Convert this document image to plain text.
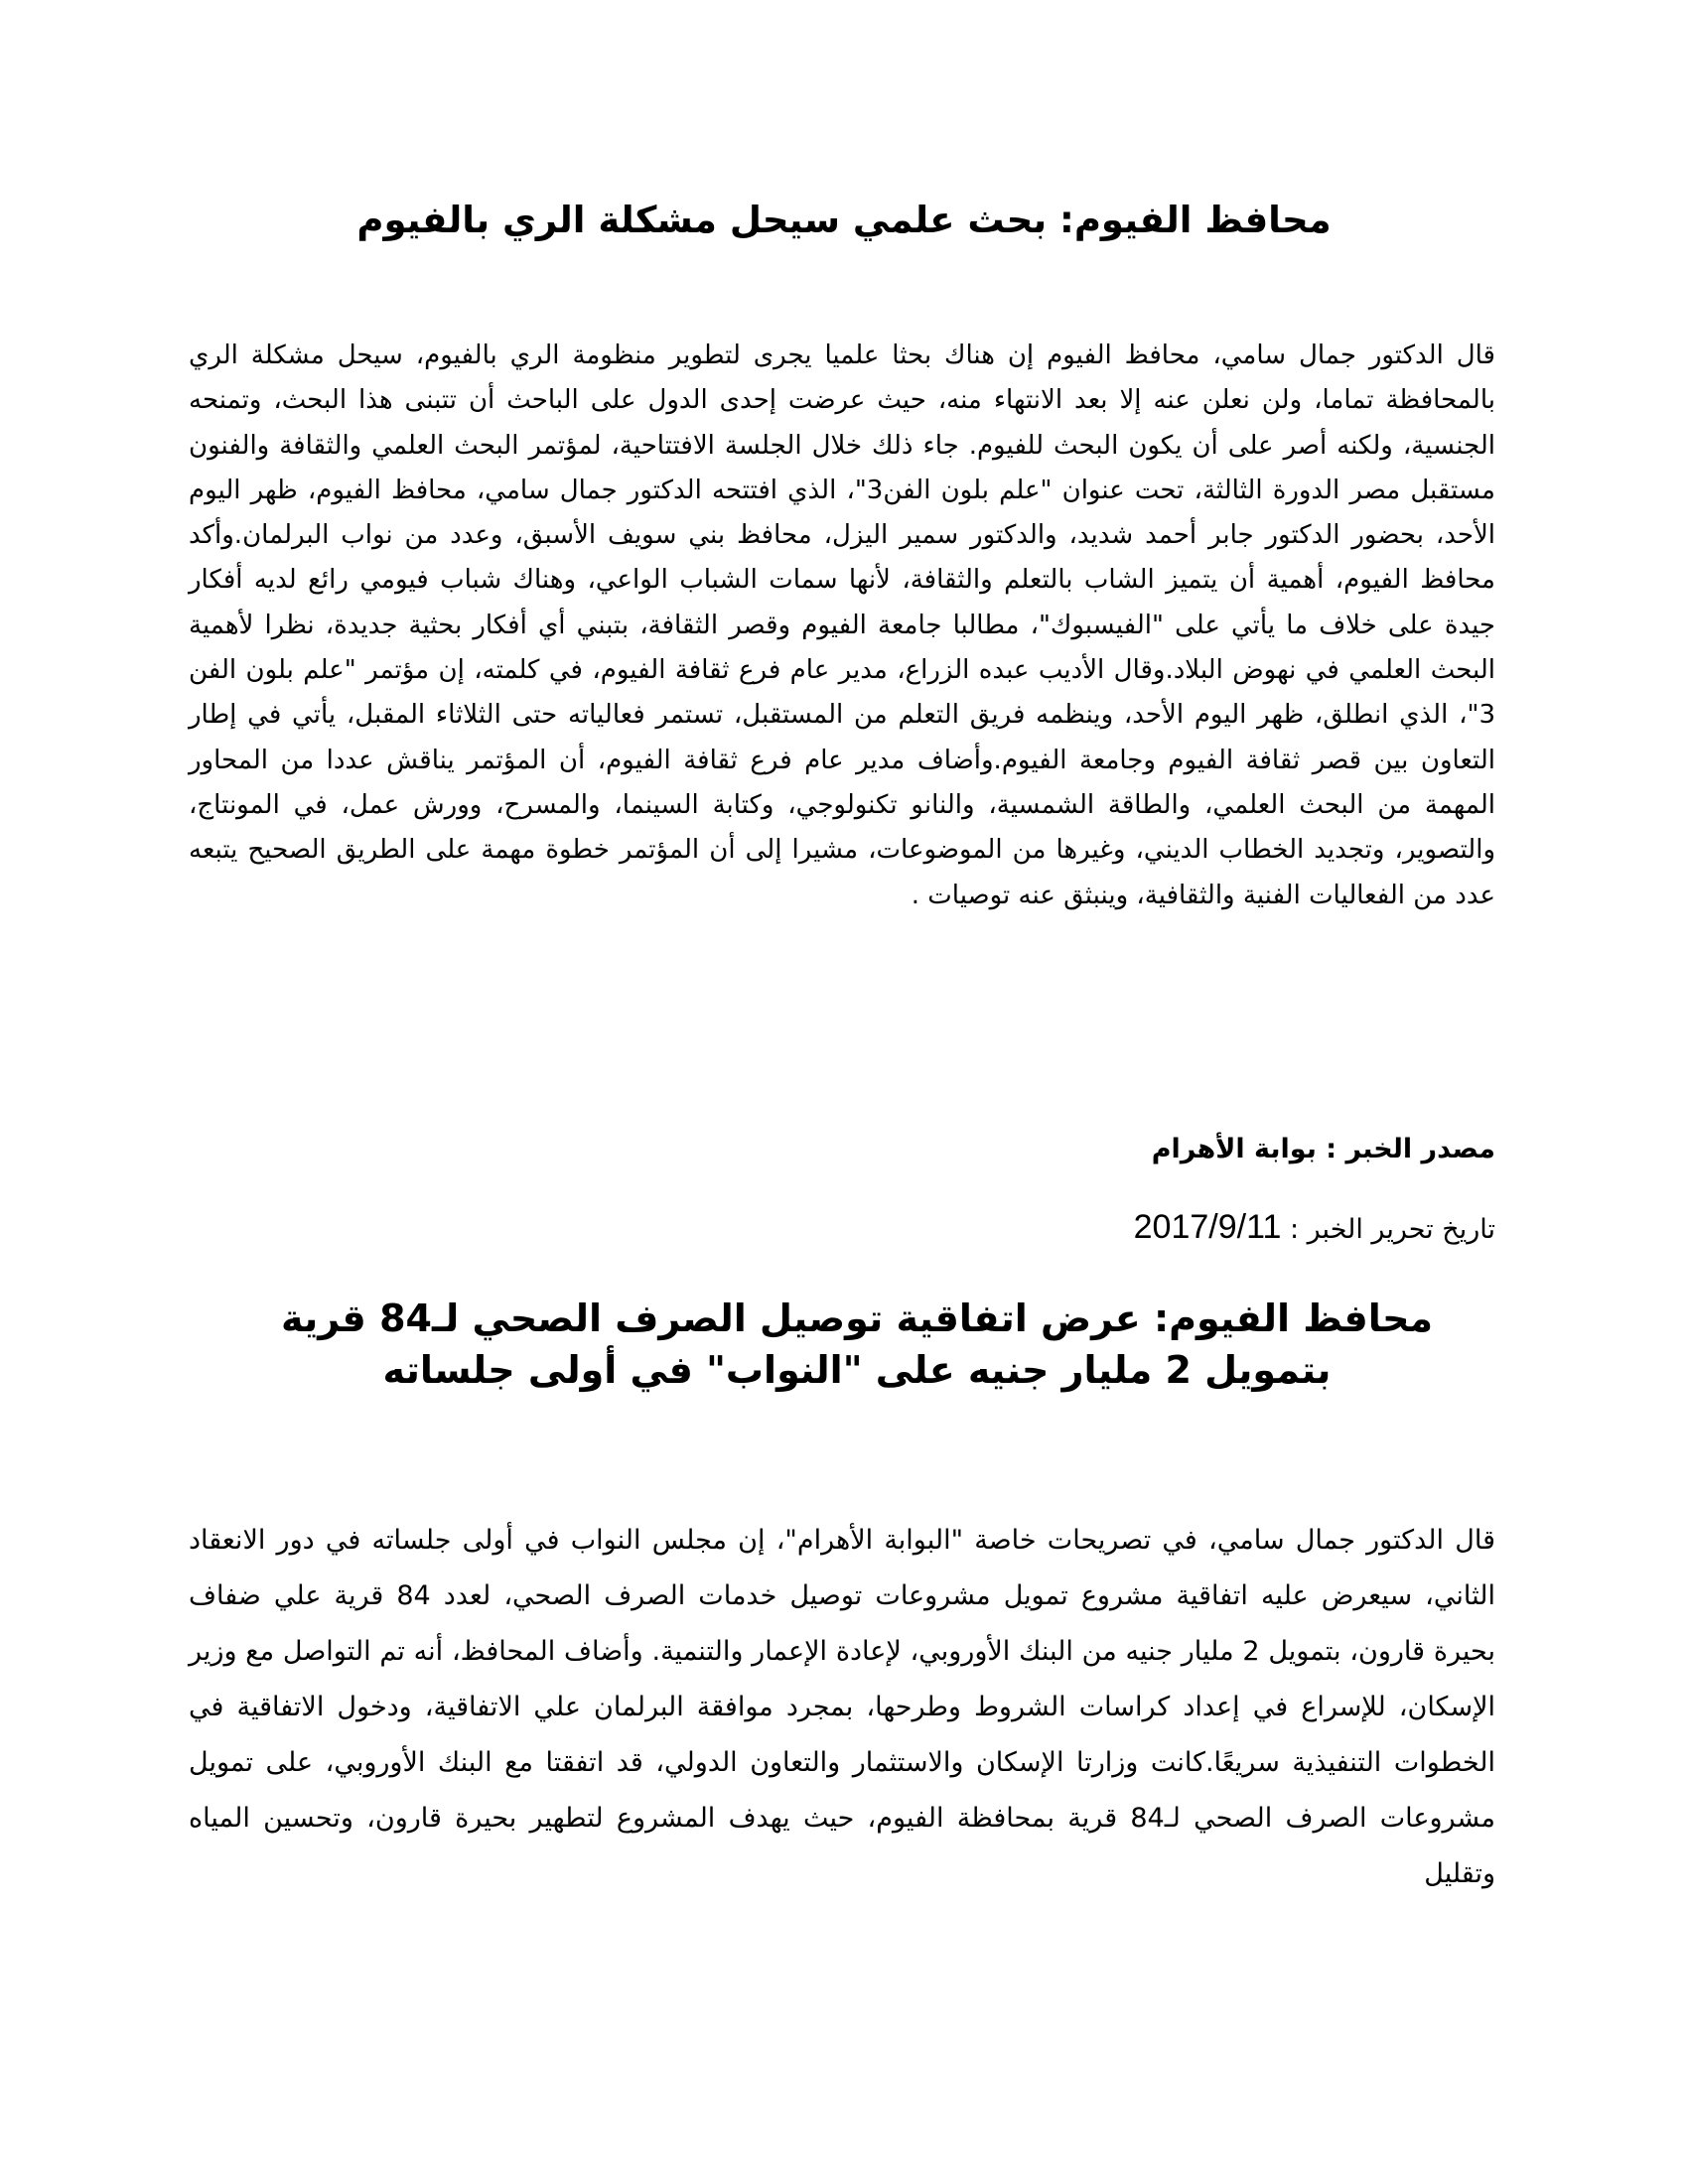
محافظ الفيوم: بحث علمي سيحل مشكلة الري بالفيوم

قال الدكتور جمال سامي، محافظ الفيوم إن هناك بحثا علميا يجرى لتطوير منظومة الري بالفيوم، سيحل مشكلة الري بالمحافظة تماما، ولن نعلن عنه إلا بعد الانتهاء منه، حيث عرضت إحدى الدول على الباحث أن تتبنى هذا البحث، وتمنحه الجنسية، ولكنه أصر على أن يكون البحث للفيوم. جاء ذلك خلال الجلسة الافتتاحية، لمؤتمر البحث العلمي والثقافة والفنون مستقبل مصر الدورة الثالثة، تحت عنوان "علم بلون الفن3"، الذي افتتحه الدكتور جمال سامي، محافظ الفيوم، ظهر اليوم الأحد، بحضور الدكتور جابر أحمد شديد، والدكتور سمير اليزل، محافظ بني سويف الأسبق، وعدد من نواب البرلمان.وأكد محافظ الفيوم، أهمية أن يتميز الشاب بالتعلم والثقافة، لأنها سمات الشباب الواعي، وهناك شباب فيومي رائع لديه أفكار جيدة على خلاف ما يأتي على "الفيسبوك"، مطالبا جامعة الفيوم وقصر الثقافة، بتبني أي أفكار بحثية جديدة، نظرا لأهمية البحث العلمي في نهوض البلاد.وقال الأديب عبده الزراع، مدير عام فرع ثقافة الفيوم، في كلمته، إن مؤتمر "علم بلون الفن 3"، الذي انطلق، ظهر اليوم الأحد، وينظمه فريق التعلم من المستقبل، تستمر فعالياته حتى الثلاثاء المقبل، يأتي في إطار التعاون بين قصر ثقافة الفيوم وجامعة الفيوم.وأضاف مدير عام فرع ثقافة الفيوم، أن المؤتمر يناقش عددا من المحاور المهمة من البحث العلمي، والطاقة الشمسية، والنانو تكنولوجي، وكتابة السينما، والمسرح، وورش عمل، في المونتاج، والتصوير، وتجديد الخطاب الديني، وغيرها من الموضوعات، مشيرا إلى أن المؤتمر خطوة مهمة على الطريق الصحيح يتبعه عدد من الفعاليات الفنية والثقافية، وينبثق عنه توصيات .

مصدر الخبر : بوابة الأهرام
تاريخ تحرير الخبر : 2017/9/11
محافظ الفيوم: عرض اتفاقية توصيل الصرف الصحي لـ84 قرية بتمويل 2 مليار جنيه على "النواب" في أولى جلساته

قال الدكتور جمال سامي، في تصريحات خاصة "البوابة الأهرام"، إن مجلس النواب في أولى جلساته في دور الانعقاد الثاني، سيعرض عليه اتفاقية مشروع تمويل مشروعات توصيل خدمات الصرف الصحي، لعدد 84 قرية علي ضفاف بحيرة قارون، بتمويل 2 مليار جنيه من البنك الأوروبي، لإعادة الإعمار والتنمية. وأضاف المحافظ، أنه تم التواصل مع وزير الإسكان، للإسراع في إعداد كراسات الشروط وطرحها، بمجرد موافقة البرلمان علي الاتفاقية، ودخول الاتفاقية في الخطوات التنفيذية سريعًا.كانت وزارتا الإسكان والاستثمار والتعاون الدولي، قد اتفقتا مع البنك الأوروبي، على تمويل مشروعات الصرف الصحي لـ84 قرية بمحافظة الفيوم، حيث يهدف المشروع لتطهير بحيرة قارون، وتحسين المياه وتقليل
